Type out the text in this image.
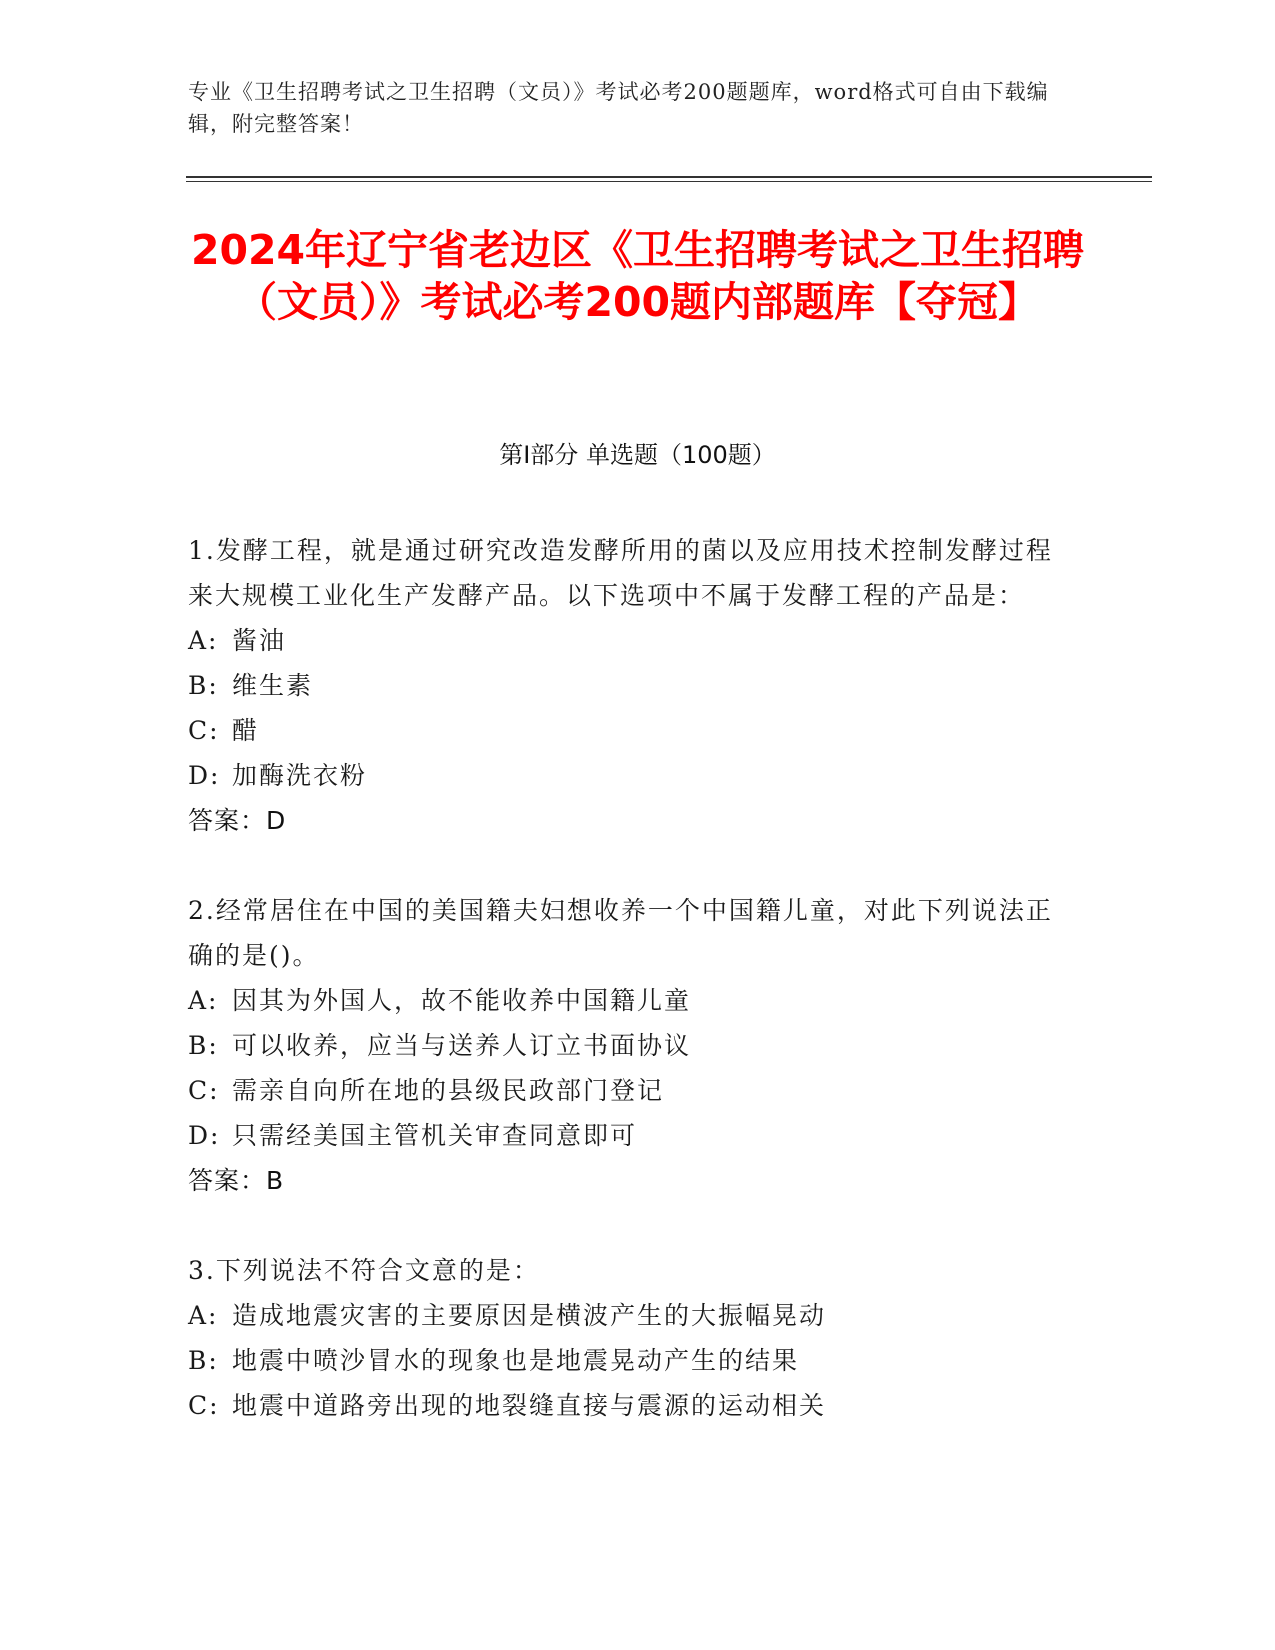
专业《卫生招聘考试之卫生招聘（文员）》考试必考200题题库，word格式可自由下载编辑，附完整答案！
2024年辽宁省老边区《卫生招聘考试之卫生招聘（文员）》考试必考200题内部题库【夺冠】
第I部分 单选题（100题）

1.发酵工程，就是通过研究改造发酵所用的菌以及应用技术控制发酵过程来大规模工业化生产发酵产品。以下选项中不属于发酵工程的产品是：

A: 酱油

B: 维生素

C: 醋

D: 加酶洗衣粉

答案：D

2.经常居住在中国的美国籍夫妇想收养一个中国籍儿童，对此下列说法正确的是()。

A: 因其为外国人，故不能收养中国籍儿童

B: 可以收养，应当与送养人订立书面协议

C: 需亲自向所在地的县级民政部门登记

D: 只需经美国主管机关审查同意即可

答案：B

3.下列说法不符合文意的是：

A: 造成地震灾害的主要原因是横波产生的大振幅晃动

B: 地震中喷沙冒水的现象也是地震晃动产生的结果

C: 地震中道路旁出现的地裂缝直接与震源的运动相关
